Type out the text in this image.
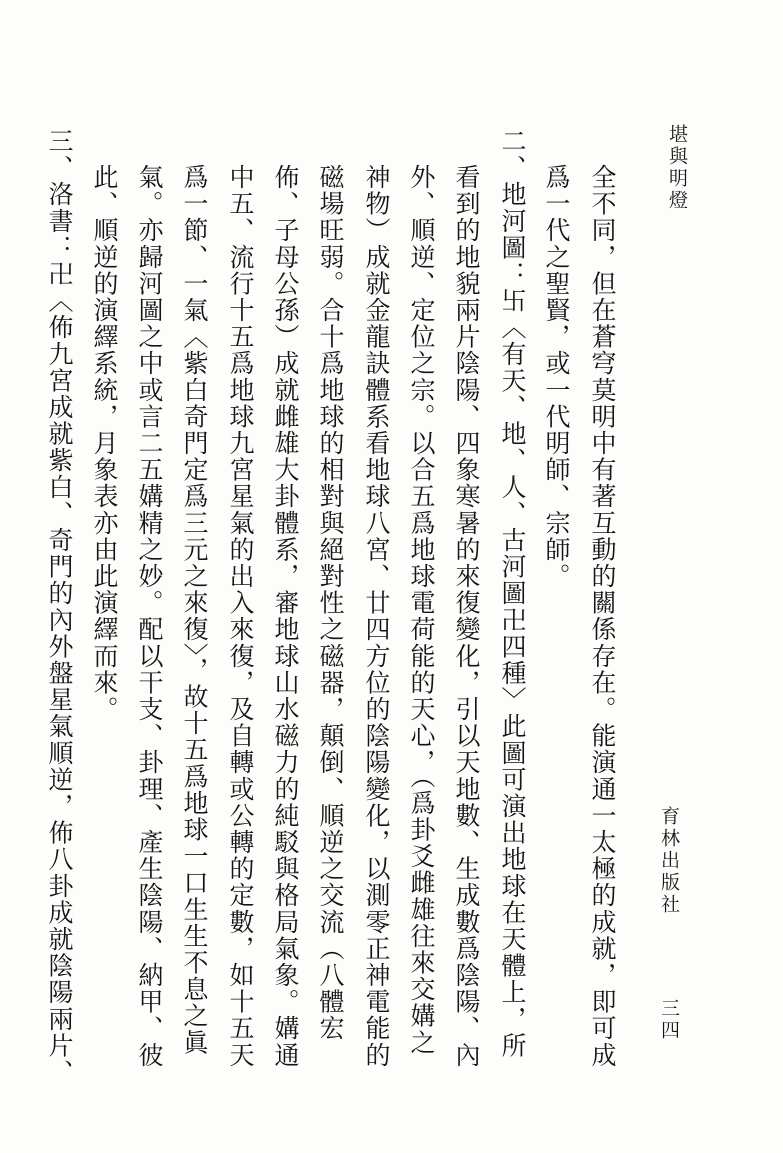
堪與明燈
育林出版社
三四
全不同，但在蒼穹莫明中有著互動的關係存在。能演通一太極的成就，即可成
爲一代之聖賢，或一代明師、宗師。
二、地河圖：卐〈有天、地、人、古河圖卍四種〉此圖可演出地球在天體上，所
看到的地貌兩片陰陽、四象寒暑的來復變化，引以天地數、生成數爲陰陽、內
外、順逆、定位之宗。以合五爲地球電荷能的天心，（爲卦爻雌雄往來交媾之
神物）成就金龍訣體系看地球八宮、廿四方位的陰陽變化，以測零正神電能的
磁場旺弱。合十爲地球的相對與絕對性之磁器，顛倒、順逆之交流（八體宏
佈、子母公孫）成就雌雄大卦體系，審地球山水磁力的純駁與格局氣象。媾通
中五、流行十五爲地球九宮星氣的出入來復，及自轉或公轉的定數，如十五天
爲一節、一氣〈紫白奇門定爲三元之來復〉，故十五爲地球一口生生不息之眞
氣。亦歸河圖之中或言二五媾精之妙。配以干支、卦理、產生陰陽、納甲、彼
此、順逆的演繹系統，月象表亦由此演繹而來。
三、洛書：卍〈佈九宮成就紫白、奇門的內外盤星氣順逆，佈八卦成就陰陽兩片、
